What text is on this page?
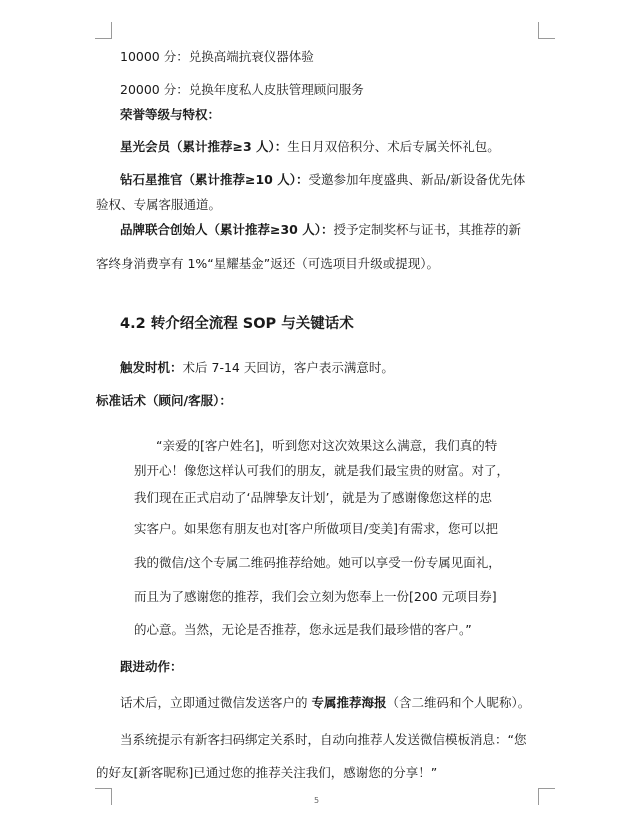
10000 分：兑换高端抗衰仪器体验
20000 分：兑换年度私人皮肤管理顾问服务
荣誉等级与特权：
星光会员（累计推荐≥3 人）：生日月双倍积分、术后专属关怀礼包。
钻石星推官（累计推荐≥10 人）：受邀参加年度盛典、新品/新设备优先体
验权、专属客服通道。
品牌联合创始人（累计推荐≥30 人）：授予定制奖杯与证书，其推荐的新
客终身消费享有 1%“星耀基金”返还（可选项目升级或提现）。
4.2 转介绍全流程 SOP 与关键话术
触发时机：术后 7-14 天回访，客户表示满意时。
标准话术（顾问/客服）：
“亲爱的[客户姓名]，听到您对这次效果这么满意，我们真的特
别开心！像您这样认可我们的朋友，就是我们最宝贵的财富。对了，
我们现在正式启动了‘品牌挚友计划’，就是为了感谢像您这样的忠
实客户。如果您有朋友也对[客户所做项目/变美]有需求，您可以把
我的微信/这个专属二维码推荐给她。她可以享受一份专属见面礼，
而且为了感谢您的推荐，我们会立刻为您奉上一份[200 元项目券]
的心意。当然，无论是否推荐，您永远是我们最珍惜的客户。”
跟进动作：
话术后，立即通过微信发送客户的 专属推荐海报（含二维码和个人昵称）。
当系统提示有新客扫码绑定关系时，自动向推荐人发送微信模板消息：“您
的好友[新客昵称]已通过您的推荐关注我们，感谢您的分享！”
5
